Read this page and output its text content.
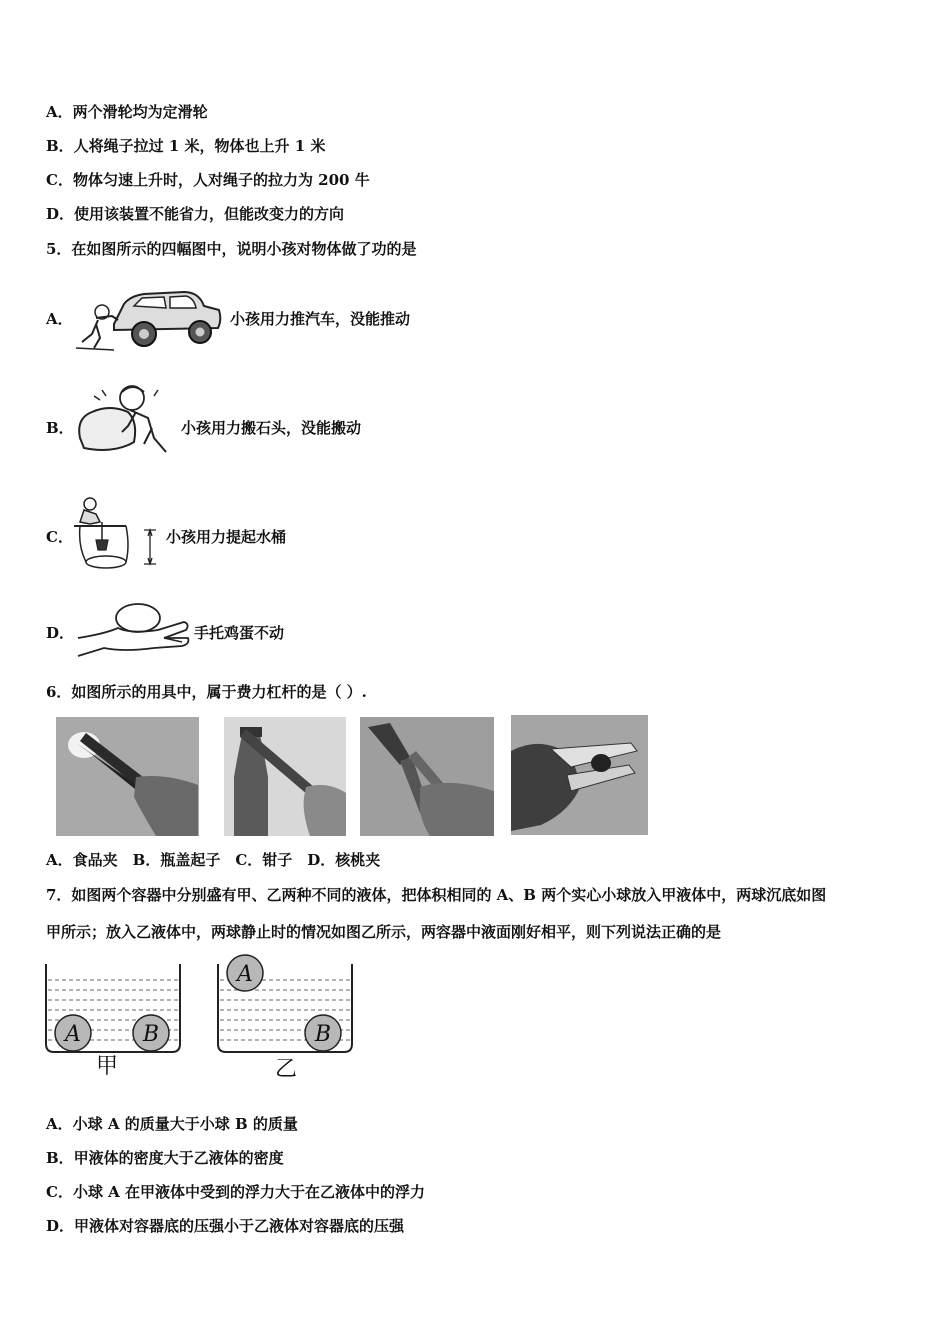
A．两个滑轮均为定滑轮
B．人将绳子拉过 1 米，物体也上升 1 米
C．物体匀速上升时，人对绳子的拉力为 200 牛
D．使用该装置不能省力，但能改变力的方向
5．在如图所示的四幅图中，说明小孩对物体做了功的是
A．	小孩用力推汽车，没能推动
B．	小孩用力搬石头，没能搬动
C．	小孩用力提起水桶
D．	手托鸡蛋不动
6．如图所示的用具中，属于费力杠杆的是（ ）.
A．食品夹　B．瓶盖起子　C．钳子　D．核桃夹
7．如图两个容器中分别盛有甲、乙两种不同的液体，把体积相同的 A、B 两个实心小球放入甲液体中，两球沉底如图
甲所示；放入乙液体中，两球静止时的情况如图乙所示，两容器中液面刚好相平，则下列说法正确的是
A	B
甲
A
B
乙
A．小球 A 的质量大于小球 B 的质量
B．甲液体的密度大于乙液体的密度
C．小球 A 在甲液体中受到的浮力大于在乙液体中的浮力
D．甲液体对容器底的压强小于乙液体对容器底的压强
